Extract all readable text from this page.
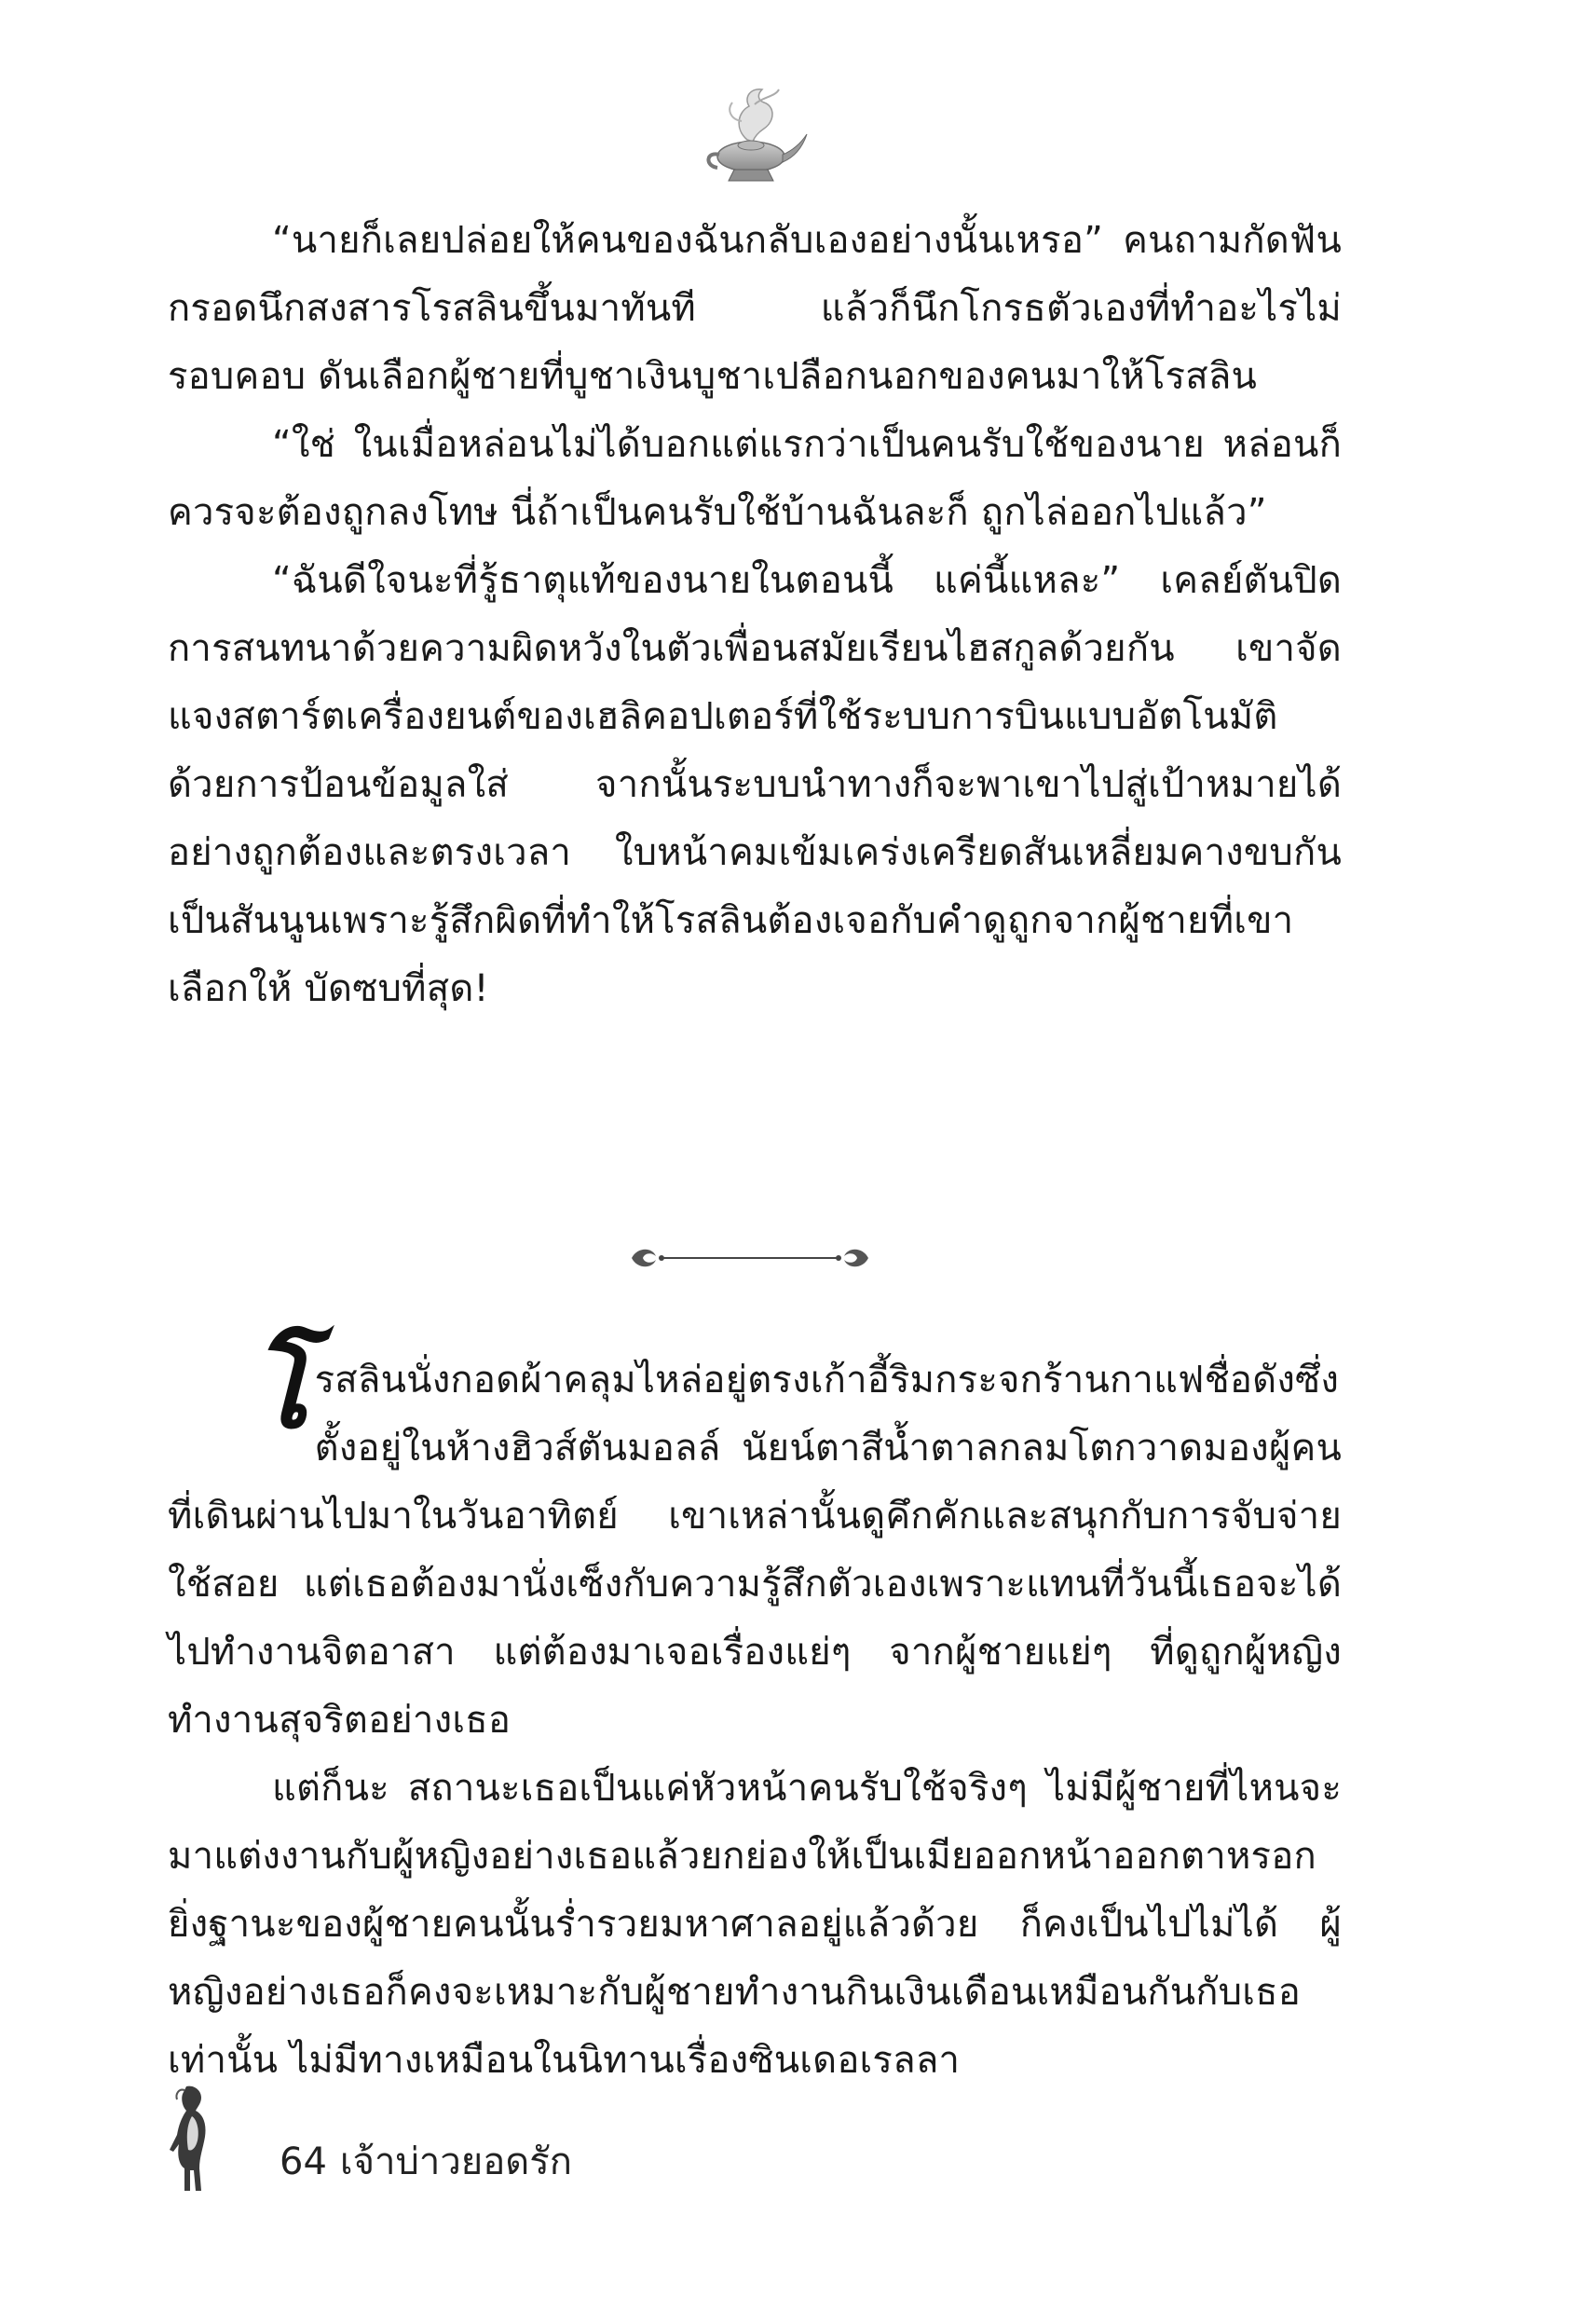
“นายก็เลยปล่อยให้คนของฉันกลับเองอย่างนั้นเหรอ” คนถามกัดฟันกรอดนึกสงสารโรสลินขึ้นมาทันที แล้วก็นึกโกรธตัวเองที่ทำอะไรไม่รอบคอบ ดันเลือกผู้ชายที่บูชาเงินบูชาเปลือกนอกของคนมาให้โรสลิน

“ใช่ ในเมื่อหล่อนไม่ได้บอกแต่แรกว่าเป็นคนรับใช้ของนาย หล่อนก็ควรจะต้องถูกลงโทษ นี่ถ้าเป็นคนรับใช้บ้านฉันละก็ ถูกไล่ออกไปแล้ว”

“ฉันดีใจนะที่รู้ธาตุแท้ของนายในตอนนี้ แค่นี้แหละ” เคลย์ตันปิดการสนทนาด้วยความผิดหวังในตัวเพื่อนสมัยเรียนไฮสกูลด้วยกัน เขาจัดแจงสตาร์ตเครื่องยนต์ของเฮลิคอปเตอร์ที่ใช้ระบบการบินแบบอัตโนมัติด้วยการป้อนข้อมูลใส่ จากนั้นระบบนำทางก็จะพาเขาไปสู่เป้าหมายได้อย่างถูกต้องและตรงเวลา ใบหน้าคมเข้มเคร่งเครียดสันเหลี่ยมคางขบกันเป็นสันนูนเพราะรู้สึกผิดที่ทำให้โรสลินต้องเจอกับคำดูถูกจากผู้ชายที่เขาเลือกให้ บัดซบที่สุด!

โรสลินนั่งกอดผ้าคลุมไหล่อยู่ตรงเก้าอี้ริมกระจกร้านกาแฟชื่อดังซึ่งตั้งอยู่ในห้างฮิวส์ตันมอลล์ นัยน์ตาสีน้ำตาลกลมโตกวาดมองผู้คนที่เดินผ่านไปมาในวันอาทิตย์ เขาเหล่านั้นดูคึกคักและสนุกกับการจับจ่ายใช้สอย แต่เธอต้องมานั่งเซ็งกับความรู้สึกตัวเองเพราะแทนที่วันนี้เธอจะได้ไปทำงานจิตอาสา แต่ต้องมาเจอเรื่องแย่ๆ จากผู้ชายแย่ๆ ที่ดูถูกผู้หญิงทำงานสุจริตอย่างเธอ

แต่ก็นะ สถานะเธอเป็นแค่หัวหน้าคนรับใช้จริงๆ ไม่มีผู้ชายที่ไหนจะมาแต่งงานกับผู้หญิงอย่างเธอแล้วยกย่องให้เป็นเมียออกหน้าออกตาหรอก ยิ่งฐานะของผู้ชายคนนั้นร่ำรวยมหาศาลอยู่แล้วด้วย ก็คงเป็นไปไม่ได้ ผู้หญิงอย่างเธอก็คงจะเหมาะกับผู้ชายทำงานกินเงินเดือนเหมือนกันกับเธอเท่านั้น ไม่มีทางเหมือนในนิทานเรื่องซินเดอเรลลา

64 เจ้าบ่าวยอดรัก
